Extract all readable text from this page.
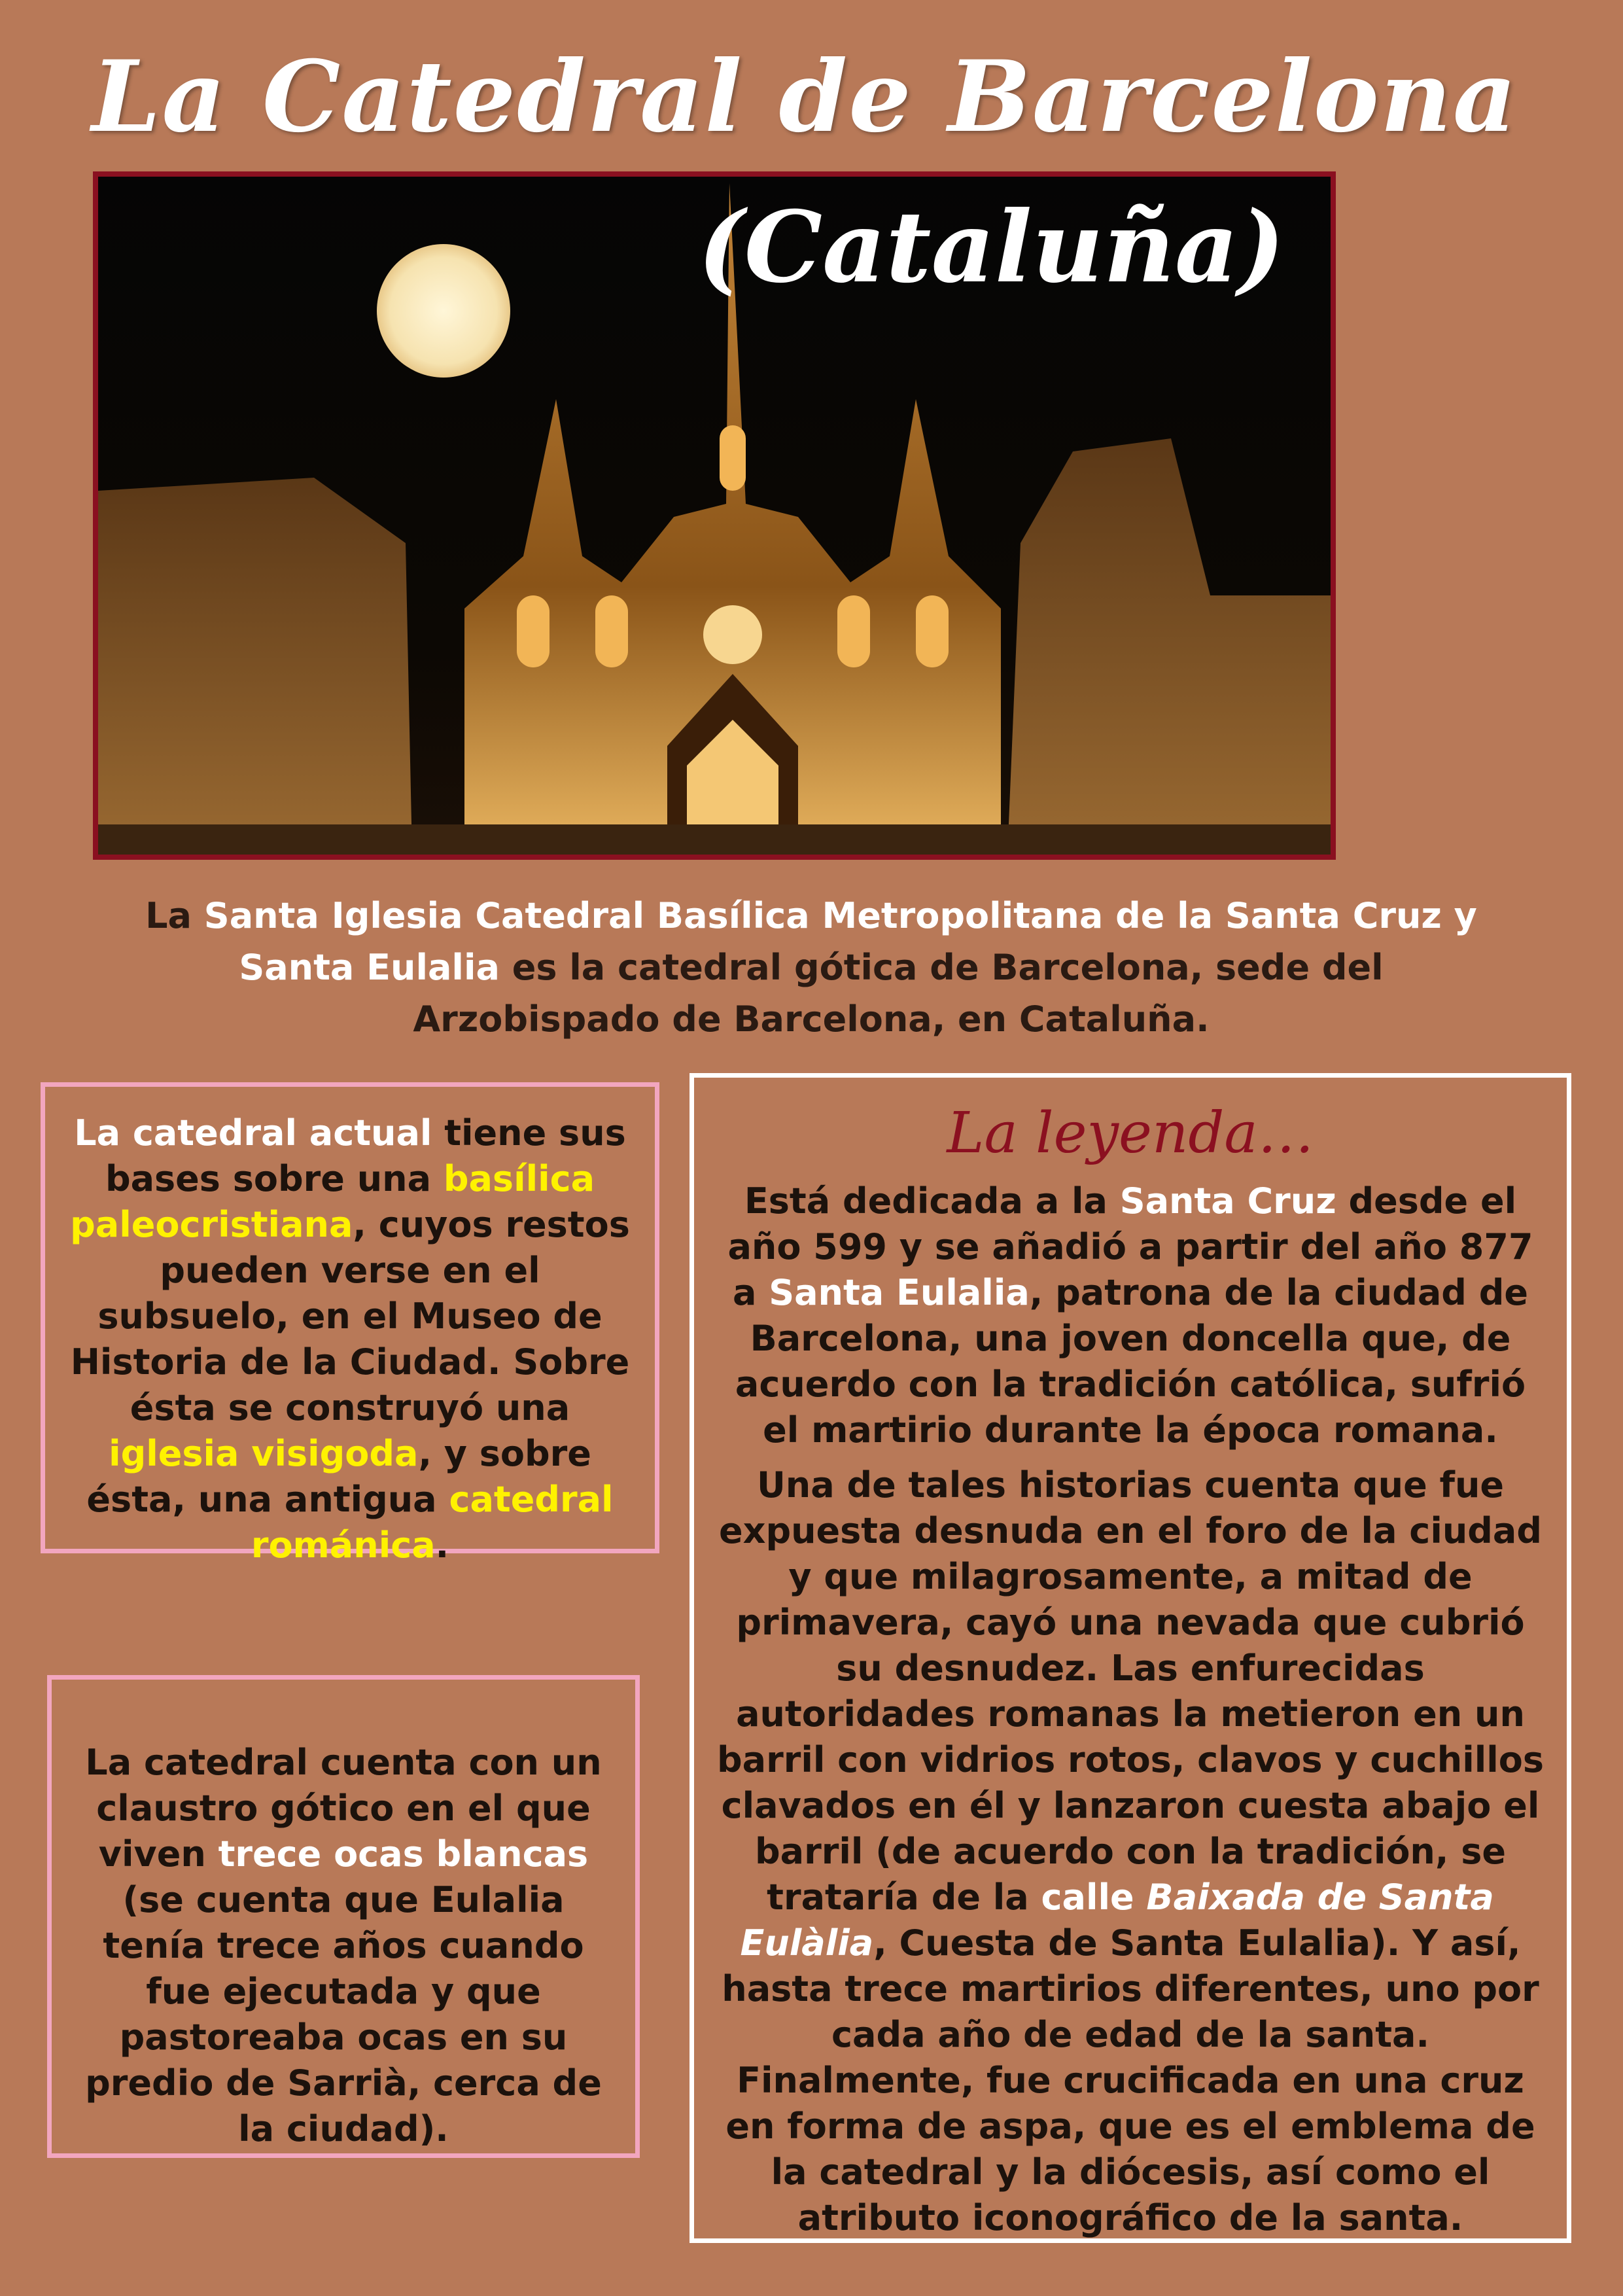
La Catedral de Barcelona
(Cataluña)
La Santa Iglesia Catedral Basílica Metropolitana de la Santa Cruz y Santa Eulalia es la catedral gótica de Barcelona, sede del Arzobispado de Barcelona, en Cataluña.
La catedral actual tiene sus bases sobre una basílica paleocristiana, cuyos restos pueden verse en el subsuelo, en el Museo de Historia de la Ciudad. Sobre ésta se construyó una iglesia visigoda, y sobre ésta, una antigua catedral románica.
La catedral cuenta con un claustro gótico en el que viven trece ocas blancas (se cuenta que Eulalia tenía trece años cuando fue ejecutada y que pastoreaba ocas en su predio de Sarrià, cerca de la ciudad).
La leyenda…

Está dedicada a la Santa Cruz desde el año 599 y se añadió a partir del año 877 a Santa Eulalia, patrona de la ciudad de Barcelona, una joven doncella que, de acuerdo con la tradición católica, sufrió el martirio durante la época romana.

Una de tales historias cuenta que fue expuesta desnuda en el foro de la ciudad y que milagrosamente, a mitad de primavera, cayó una nevada que cubrió su desnudez. Las enfurecidas autoridades romanas la metieron en un barril con vidrios rotos, clavos y cuchillos clavados en él y lanzaron cuesta abajo el barril (de acuerdo con la tradición, se trataría de la calle Baixada de Santa Eulàlia, Cuesta de Santa Eulalia). Y así, hasta trece martirios diferentes, uno por cada año de edad de la santa. Finalmente, fue crucificada en una cruz en forma de aspa, que es el emblema de la catedral y la diócesis, así como el atributo iconográfico de la santa.
